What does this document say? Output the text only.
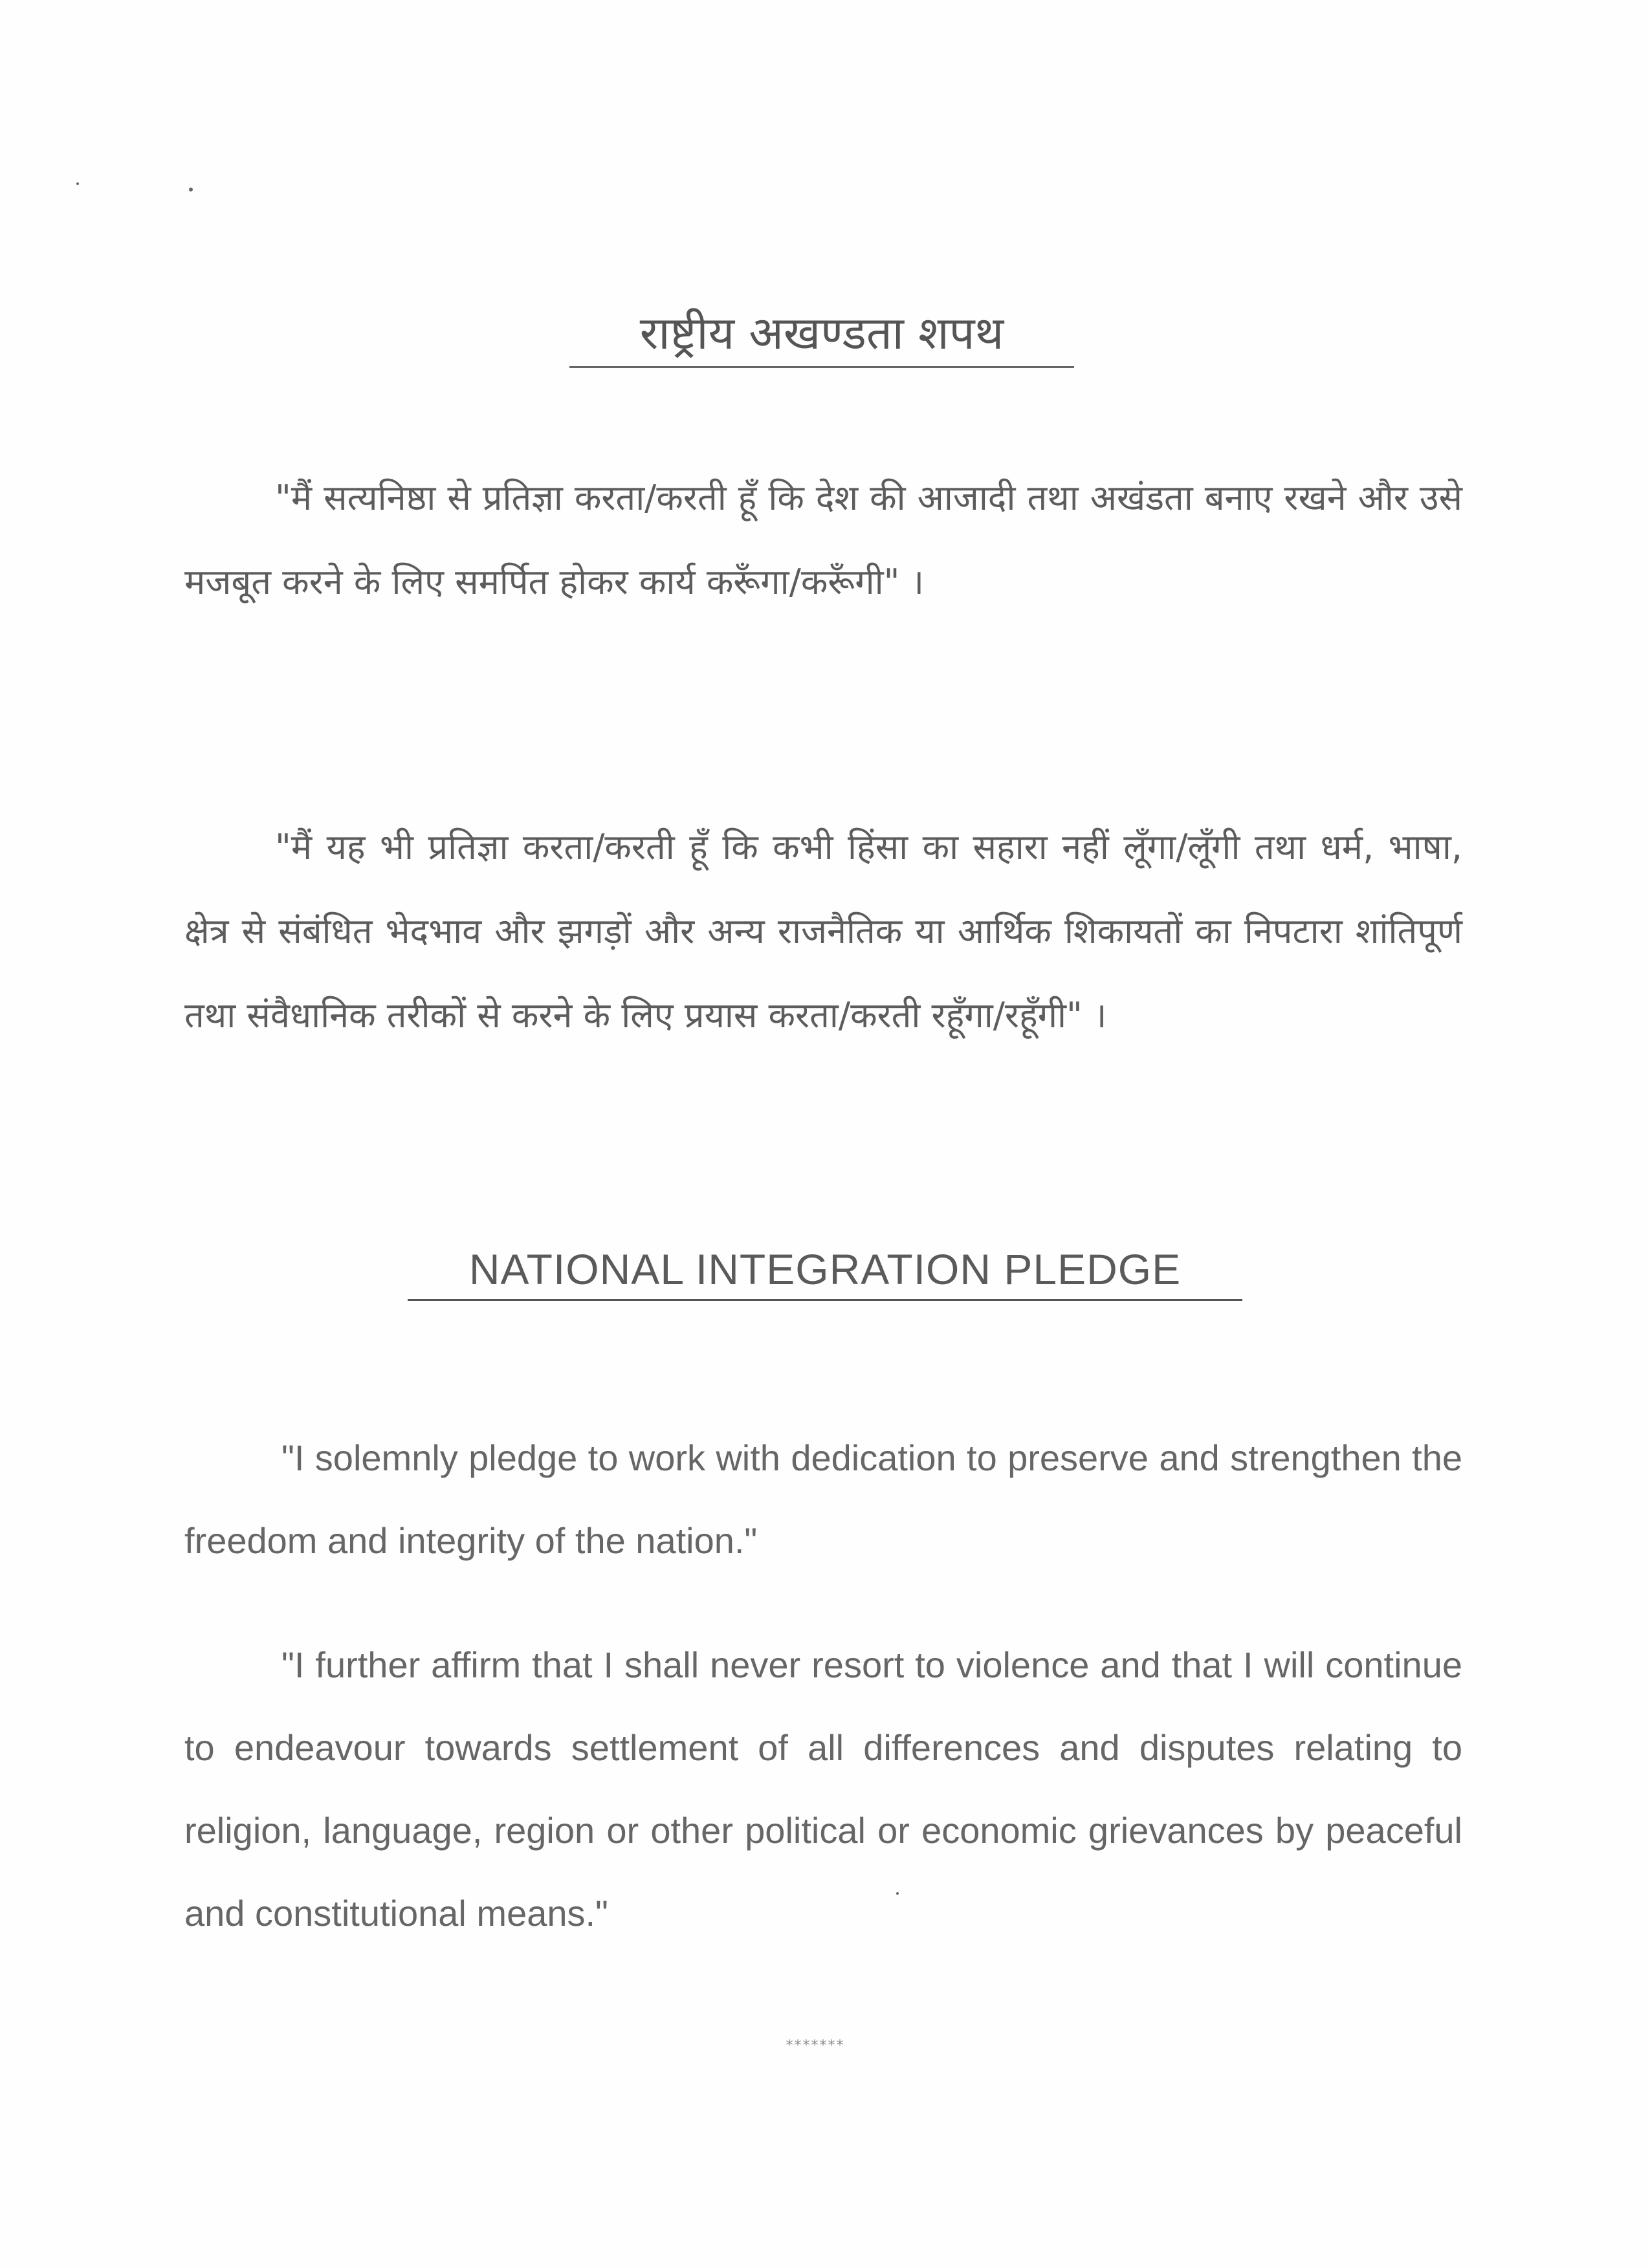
राष्ट्रीय अखण्डता शपथ

"मैं सत्यनिष्ठा से प्रतिज्ञा करता/करती हूँ कि देश की आजादी तथा अखंडता बनाए रखने और उसे मजबूत करने के लिए समर्पित होकर कार्य करूँगा/करूँगी" ।

"मैं यह भी प्रतिज्ञा करता/करती हूँ कि कभी हिंसा का सहारा नहीं लूँगा/लूँगी तथा धर्म, भाषा, क्षेत्र से संबंधित भेदभाव और झगड़ों और अन्य राजनैतिक या आर्थिक शिकायतों का निपटारा शांतिपूर्ण तथा संवैधानिक तरीकों से करने के लिए प्रयास करता/करती रहूँगा/रहूँगी" ।

NATIONAL INTEGRATION PLEDGE

"I solemnly pledge to work with dedication to preserve and strengthen the freedom and integrity of the nation."

"I further affirm that I shall never resort to violence and that I will continue to endeavour towards settlement of all differences and disputes relating to religion, language, region or other political or economic grievances by peaceful and constitutional means."

*******
